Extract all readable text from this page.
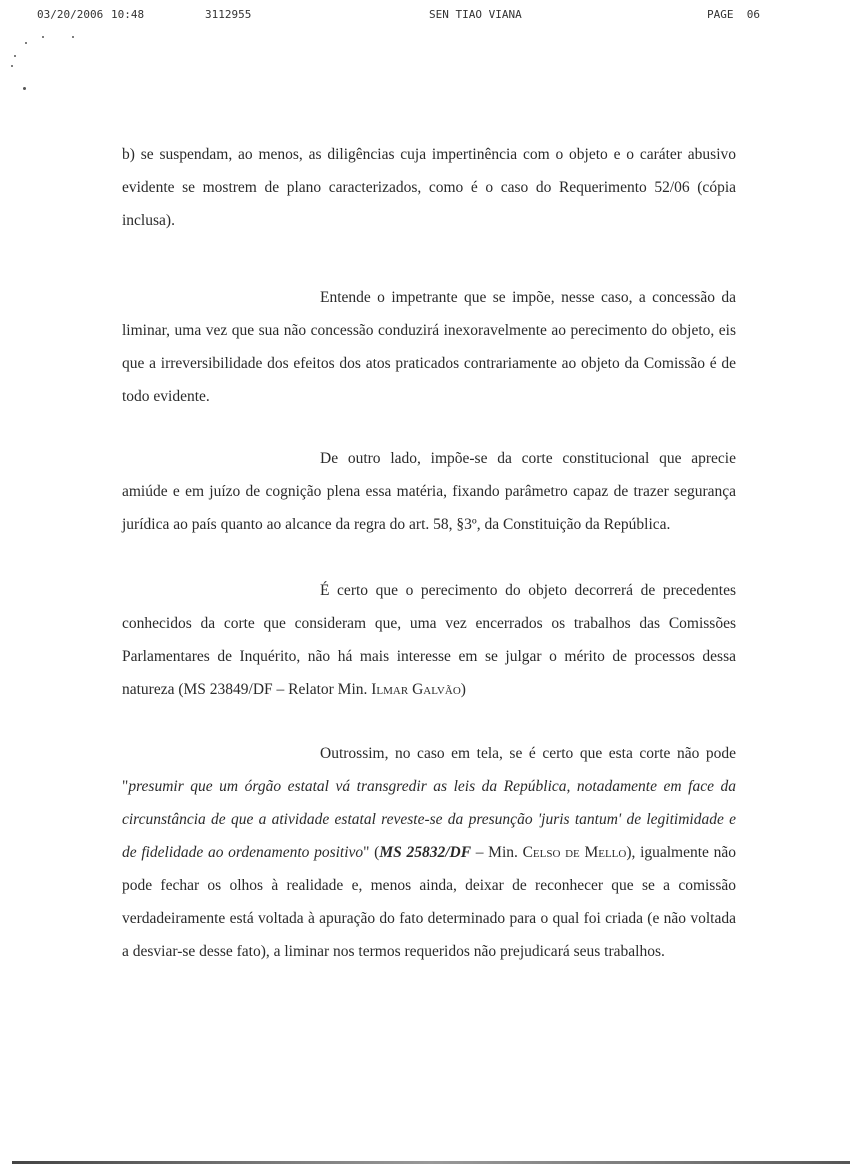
03/20/2006 10:48	3112955	SEN TIAO VIANA	PAGE 06
b) se suspendam, ao menos, as diligências cuja impertinência com o objeto e o caráter abusivo evidente se mostrem de plano caracterizados, como é o caso do Requerimento 52/06 (cópia inclusa).
Entende o impetrante que se impõe, nesse caso, a concessão da liminar, uma vez que sua não concessão conduzirá inexoravelmente ao perecimento do objeto, eis que a irreversibilidade dos efeitos dos atos praticados contrariamente ao objeto da Comissão é de todo evidente.
De outro lado, impõe-se da corte constitucional que aprecie amiúde e em juízo de cognição plena essa matéria, fixando parâmetro capaz de trazer segurança jurídica ao país quanto ao alcance da regra do art. 58, §3º, da Constituição da República.
É certo que o perecimento do objeto decorrerá de precedentes conhecidos da corte que consideram que, uma vez encerrados os trabalhos das Comissões Parlamentares de Inquérito, não há mais interesse em se julgar o mérito de processos dessa natureza (MS 23849/DF – Relator Min. Ilmar Galvão)
Outrossim, no caso em tela, se é certo que esta corte não pode "presumir que um órgão estatal vá transgredir as leis da República, notadamente em face da circunstância de que a atividade estatal reveste-se da presunção 'juris tantum' de legitimidade e de fidelidade ao ordenamento positivo" (MS 25832/DF – Min. Celso de Mello), igualmente não pode fechar os olhos à realidade e, menos ainda, deixar de reconhecer que se a comissão verdadeiramente está voltada à apuração do fato determinado para o qual foi criada (e não voltada a desviar-se desse fato), a liminar nos termos requeridos não prejudicará seus trabalhos.
